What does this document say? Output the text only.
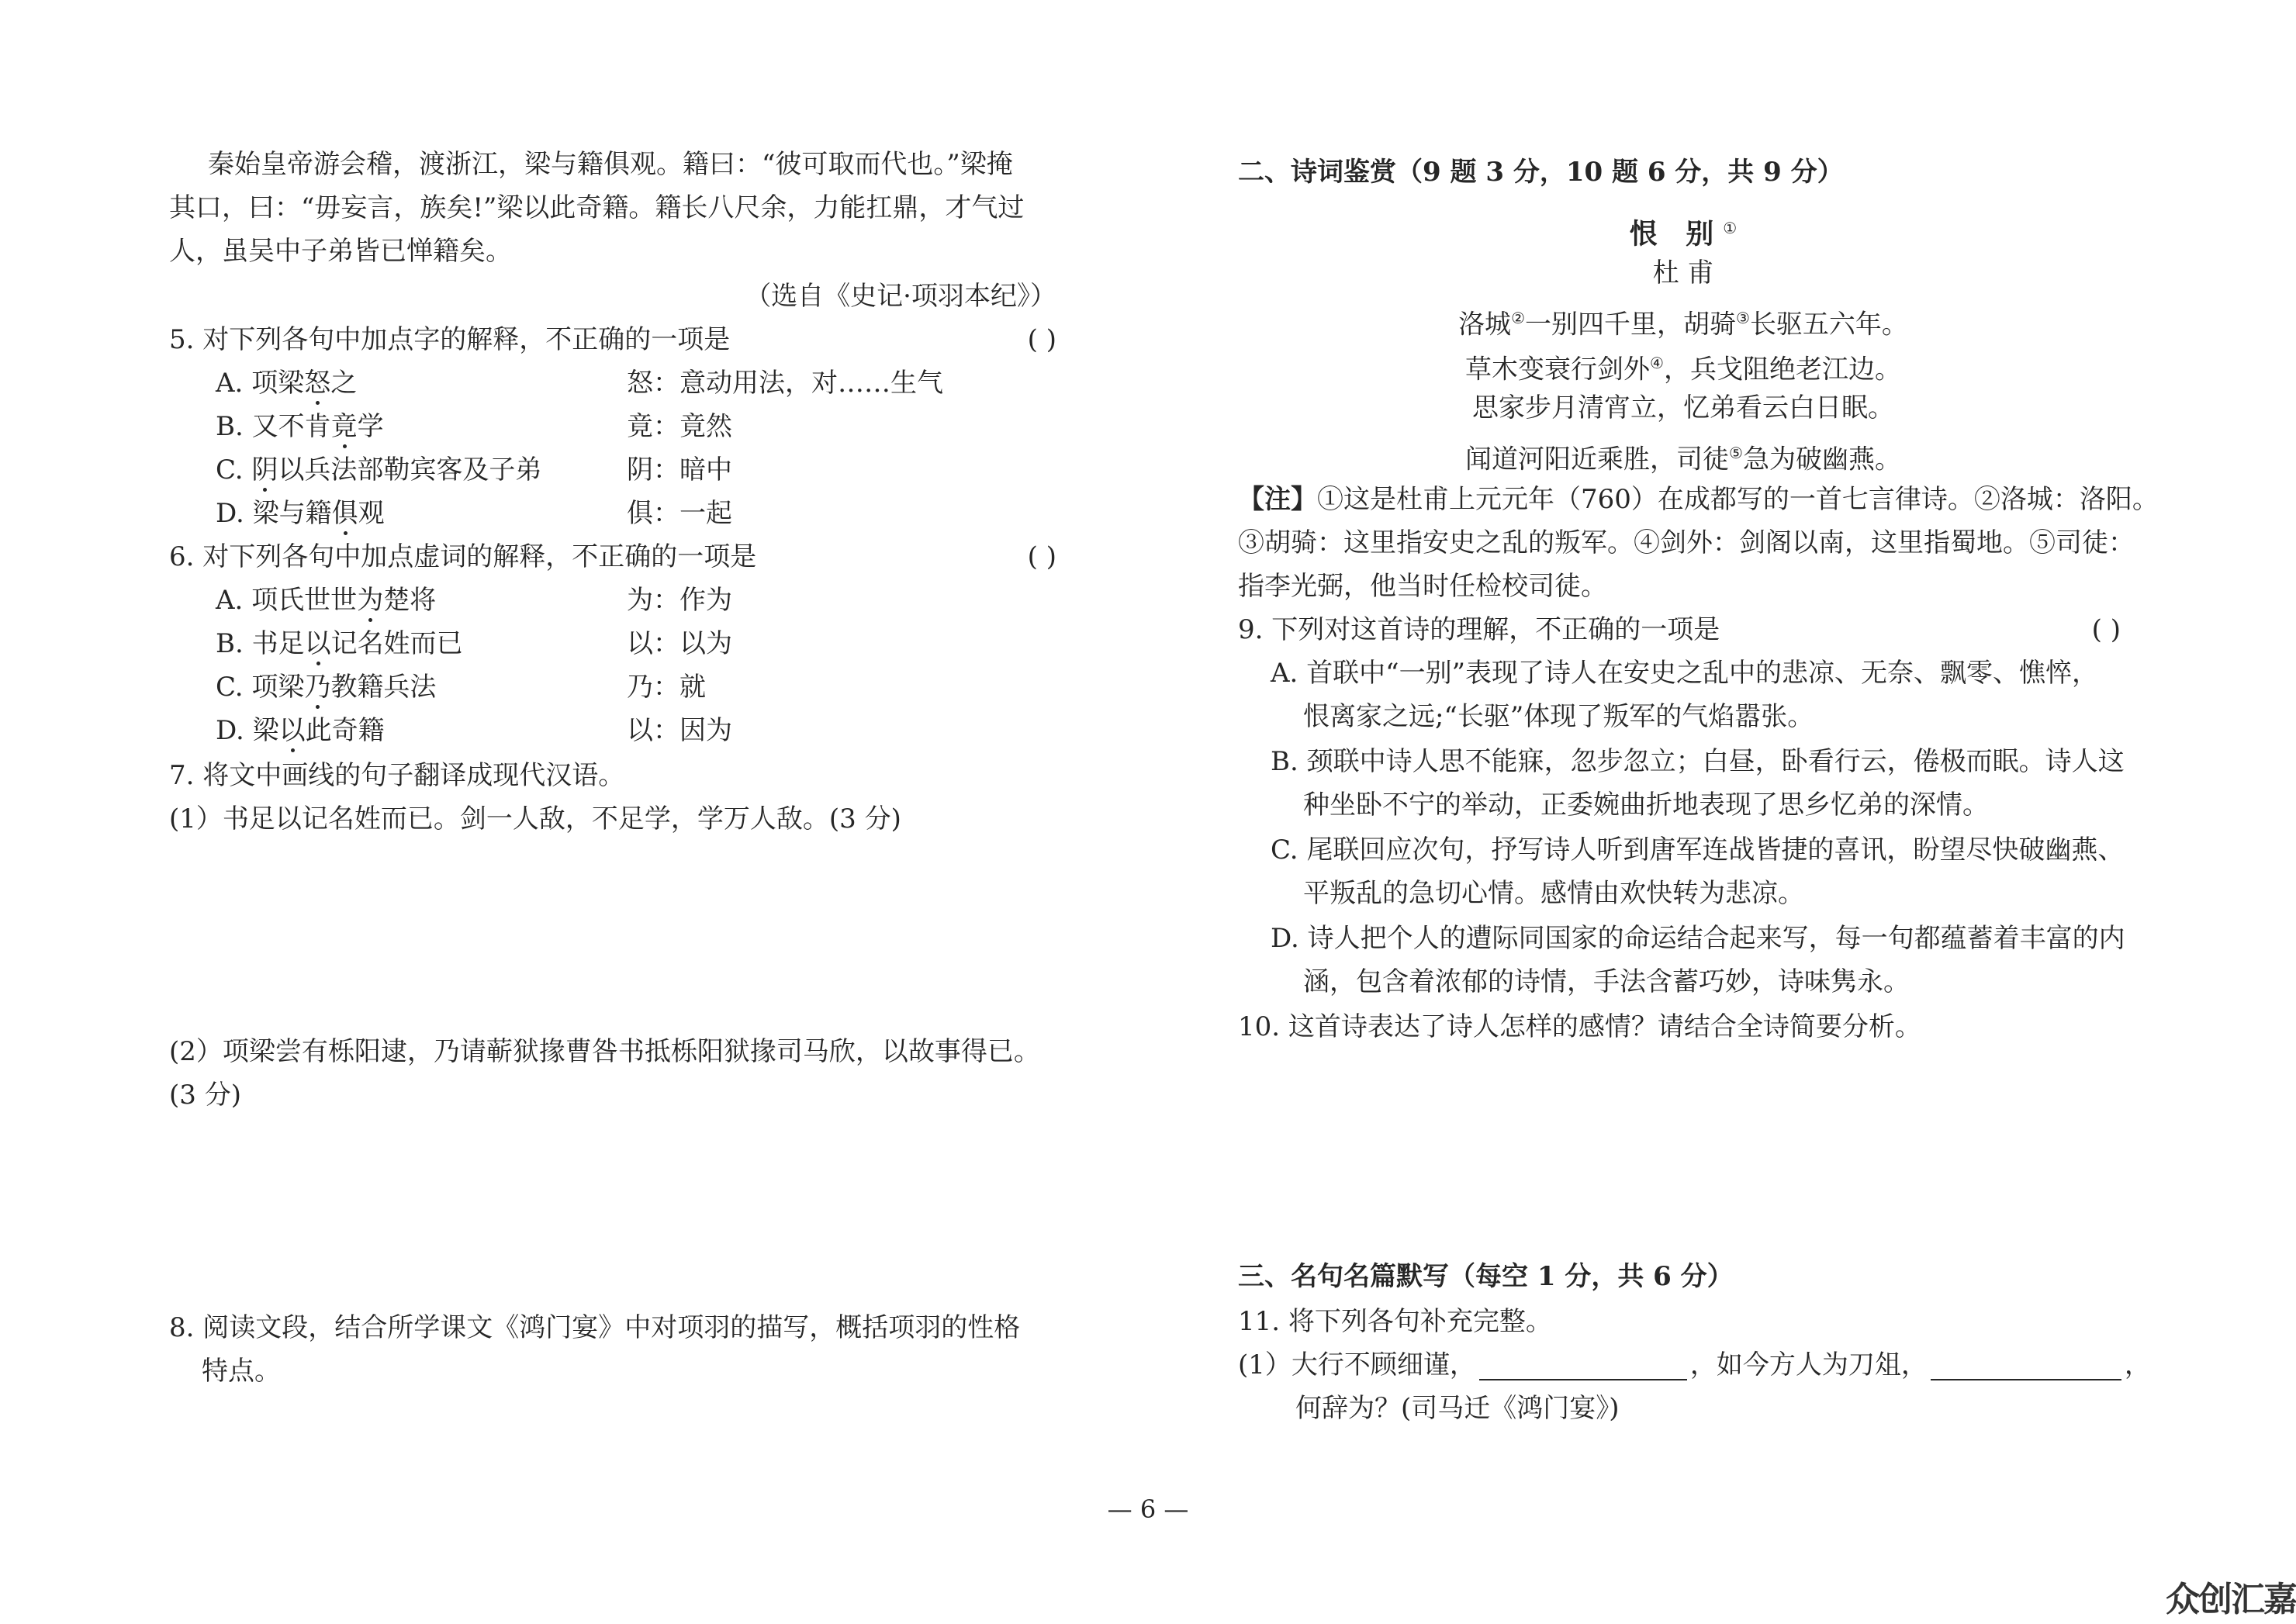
秦始皇帝游会稽，渡浙江，梁与籍俱观。籍曰：“彼可取而代也。”梁掩
其口，曰：“毋妄言，族矣!”梁以此奇籍。籍长八尺余，力能扛鼎，才气过
人，虽吴中子弟皆已惮籍矣。
（选自《史记·项羽本纪》）
5. 对下列各句中加点字的解释，不正确的一项是	( )
A. 项梁怒之	怒：意动用法，对……生气
B. 又不肯竟学	竟：竟然
C. 阴以兵法部勒宾客及子弟	阴：暗中
D. 梁与籍俱观	俱：一起
6. 对下列各句中加点虚词的解释，不正确的一项是	( )
A. 项氏世世为楚将	为：作为
B. 书足以记名姓而已	以：以为
C. 项梁乃教籍兵法	乃：就
D. 梁以此奇籍	以：因为
7. 将文中画线的句子翻译成现代汉语。
(1）书足以记名姓而已。剑一人敌，不足学，学万人敌。(3 分)
(2）项梁尝有栎阳逮，乃请蕲狱掾曹咎书抵栎阳狱掾司马欣，以故事得已。
(3 分)
8. 阅读文段，结合所学课文《鸿门宴》中对项羽的描写，概括项羽的性格
特点。
二、诗词鉴赏（9 题 3 分，10 题 6 分，共 9 分）
恨 别①
杜 甫
洛城②一别四千里，胡骑③长驱五六年。
草木变衰行剑外④，兵戈阻绝老江边。
思家步月清宵立，忆弟看云白日眠。
闻道河阳近乘胜，司徒⑤急为破幽燕。
【注】①这是杜甫上元元年（760）在成都写的一首七言律诗。②洛城：洛阳。
③胡骑：这里指安史之乱的叛军。④剑外：剑阁以南，这里指蜀地。⑤司徒：
指李光弼，他当时任检校司徒。
9. 下列对这首诗的理解，不正确的一项是	( )
A. 首联中“一别”表现了诗人在安史之乱中的悲凉、无奈、飘零、憔悴，
恨离家之远;“长驱”体现了叛军的气焰嚣张。
B. 颈联中诗人思不能寐，忽步忽立；白昼，卧看行云，倦极而眠。诗人这
种坐卧不宁的举动，正委婉曲折地表现了思乡忆弟的深情。
C. 尾联回应次句，抒写诗人听到唐军连战皆捷的喜讯，盼望尽快破幽燕、
平叛乱的急切心情。感情由欢快转为悲凉。
D. 诗人把个人的遭际同国家的命运结合起来写，每一句都蕴蓄着丰富的内
涵，包含着浓郁的诗情，手法含蓄巧妙，诗味隽永。
10. 这首诗表达了诗人怎样的感情？请结合全诗简要分析。
三、名句名篇默写（每空 1 分，共 6 分）
11. 将下列各句补充完整。
(1）大行不顾细谨，	，如今方人为刀俎，	，
何辞为？(司马迁《鸿门宴》)
— 6 —
众创汇嘉
